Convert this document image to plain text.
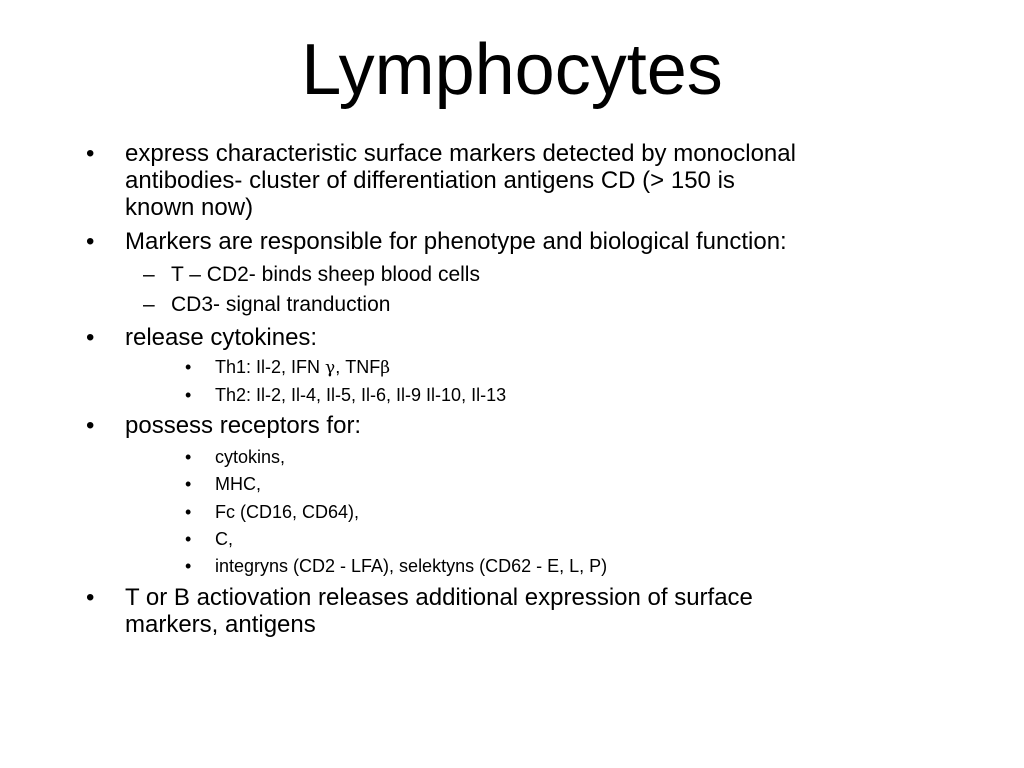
Lymphocytes
• express characteristic surface markers detected by monoclonal
antibodies- cluster of differentiation antigens CD (> 150 is
known now)
• Markers are responsible for phenotype and biological function:
– T – CD2- binds sheep blood cells
– CD3- signal tranduction
• release cytokines:
• Th1: Il-2, IFN γ, TNFβ
• Th2: Il-2, Il-4, Il-5, Il-6, Il-9 Il-10, Il-13
• possess receptors for:
• cytokins,
• MHC,
• Fc (CD16, CD64),
• C,
• integryns (CD2 - LFA), selektyns (CD62 - E, L, P)
• T or B actiovation releases additional expression of surface
markers, antigens
